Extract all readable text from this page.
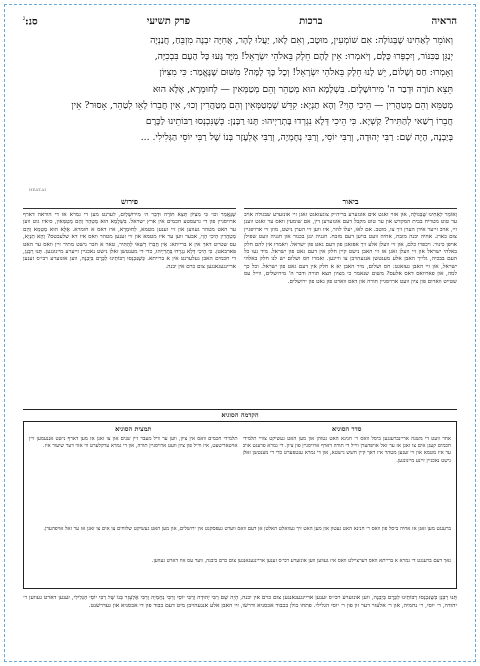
הראיה
ברכות
פרק תשיעי
סנ:$^ג$

וְאוֹמֵר לְאַחִינוּ שֶׁבְּגוֹלָה: אִם שׁוֹמְעִין, מוּטָב, וְאִם לָאו, יַעֲלוּ לָהָר, אֲחִיָּה יִבְנֶה מִזְבֵּחַ, חֲנַנְיָה

יְנַגֵּן בַּכִּנּוֹר, וְיִכְפְּרוּ כֻּלָּם, וְיֹאמְרוּ: אֵין לָהֶם חֵלֶק בֵּאלֹהֵי יִשְׂרָאֵל! מִיָּד גָּעוּ כָּל הָעָם בִּבְכִיָּה,

וְאָמְרוּ: חַס וְשָׁלוֹם, יֵשׁ לָנוּ חֵלֶק בֵּאלֹהֵי יִשְׂרָאֵל! וְכָל כָּךְ לָמָּה? מִשּׁוּם שֶׁנֶּאֱמַר: כִּי מִצִּיּוֹן

תֵּצֵא תוֹרָה וּדְבַר ה' מִירוּשָׁלָיִם. בִּשְׁלָמָא הוּא מְטַהֵר וְהֵם מְטַמְּאִין — לְחוּמְרָא, אֶלָּא הוּא

מְטַמֵּא וְהֵם מְטַהֲרִין — הֵיכִי הָוֵי? וְהָא תַנְיָא: קִדֵּשׁ שֶׁמְטַמְּאִין וְהֵם מְטַהֲרִין וְכוּ׳, אֵין חֲבֵרוֹ לָאֵו לְטַהֵר, אָסוּר? אֵין

חֲבֵרוֹ רְשַׁאי לְהַתִּיר? קַשְׁיָא. כִּי הֵיכִי דְּלָא נִגְרְדוּ בָּתְרַיְיהוּ: תָּנוּ רַבָּנַן: כְּשֶׁנִּכְנְסוּ רַבּוֹתֵינוּ לַכֶּרֶם

בְּיַבְנֶה, הָיָה שָׁם: רַבִּי יְהוּדָה, וְרַבִּי יוֹסֵי, וְרַבִּי נְחֶמְיָה, וְרַבִּי אֶלְעָזָר בְּנוֹ שֶׁל רַבִּי יוֹסֵי הַגְּלִילִי. ...

HEAT.AI
ביאור
וְאוֹמֵר לְאַחִינוּ שֶׁבְּגוֹלָה, אוּן אזוי זאגט אים אונזערע בריה״ק צוגעזאגט זאגן זיי אונזערע שבגולה אויב ער טוט מטריח בבית המקדש און ער טוט מקבל דעם אונזערען דין, אם שומעין וואס ער זאגט ווענן זיי, אויב זייער אידן הערן זיך צו, מוטב. אם לאו, יעלו להר, איז ווען זיי הערן נישט, מוזן זיי ארויפגיין צום בארג. אחיה יבנה מזבח, אחיה וועט בויען דעם מזבח. חנניה ינגן בכנור און חנניה וועט שפילן אויפן כינור. ויכפרו כלם, און זיי וועלן אלע זיך אפזאגן פון דעם גאט פון ישראל. ויאמרו אין להם חלק באלהי ישראל און זיי וועלן זאגן אז זיי האבן נישט קיין חלק אין דעם גאט פון ישראל. מיד געו כל העם בבכיה, גלייך האבן אלע מענטשן אנגעהויבן צו וויינען. ואמרו חס ושלום יש לנו חלק באלהי ישראל, און זיי האבן געזאגט: חס ושלום, מיר האבן יא א חלק אין דעם גאט פון ישראל. וכל כך למה, און פארוואס דאס אלעס? משום שנאמר כי מציון תצא תורה ודבר ה' מירושלים, ווייל עס שטייט ווארום פון ציון וועט ארויסגיין תורה און דאס ווארט פון גאט פון ירושלים.
פירוש
שֶׁנֶּאֱמַר וכו׳ כִּי מִצִּיּוֹן תֵּצֵא תּוֹרָה וּדְבַר ה׳ מִירוּשָׁלָיִם, לערנט מען די גמרא אז די הוראה דארף ארויסגיין פון די גרעסטע חכמים אין ארץ ישראל. בִּשְׁלָמָא הוּא מְטַהֵר וְהֵם מְטַמְּאִין, ס׳איז גוט ווען ער האט מטהר געווען און זיי זענען מטמא, לְחוּמְרָא, איז דאס א חומרא. אֶלָּא הוּא מְטַמֵּא וְהֵם מְטַהֲרִין הֵיכִי הָוֵי, אבער ווען ער איז מטמא און זיי זענען מטהר וואס איז דא שלעכטס? וְהָא תַנְיָא, עס שטייט דאך אין א ברייתא: אֵין חֲבֵרוֹ רְשַׁאי לְהַתִּיר, טאר א חבר נישט מתיר זיין וואס ער האט פארבאטן. כִּי הֵיכִי דְּלָא נִגְרְדוּ בָּתְרַיְיהוּ, כדי די מענטשן זאלן נישט נאכגיין זייערע מיינונגען. תָּנוּ רַבָּנַן, די חכמים האבן געלערנט אין א ברייתא. כְּשֶׁנִּכְנְסוּ רַבּוֹתֵינוּ לַכֶּרֶם בְּיַבְנֶה, ווען אונזערע רבי׳ס זענען אריינגעגאנגען צום כרם אין יבנה.
הקדמה הסוגיא
סדר הסוגיא
אחר וועט די משנה אריינברענגען ביסל וואס ר׳ חנינא האט גטוהן און מען האט געשיקט צוויי תלמידי חכמים קעגן אים צו זאגן אז ער זאל אויפהערן ווייל די תורה דארף ארויסגיין פון ציון. די גמרא פרעגט אויב ער איז מטמא און זיי זענען מטהר איז דאך קיין חשש נישטא, און די גמרא ענטפערט כדי די מענטשן זאלן נישט נאכגיין זיינע מיינונגען.
תמצית הסוגיא
תלמידי חכמים וואס אין ציון, ווען ער וויל מעבר זיין שנים און צו זאגן אז מען דארף נישט אננעמען זיין אויטאריטעט, איז ווייל פון ציון וועט ארויסגיין תורה, און די גמרא ערקלערט ווי אזוי דער שיעור איז.
ברענגט מען זאגן אז אחיה ביסל פון וואס ר׳ חנינא האט געטון און מען האט זיך געוואלט האלטן אן דעם וואס ווערט געפסקנט אין ירושלים, און מען האט געשיקט שלוחים צו אים צו זאגן אז ער זאל אויפהערן.
נאך דעם ברענגט די גמרא א ברייתא וואס דערציילט וואס איז געווען ווען אונזערע רבי׳ס זענען אריינגעגאנגען צום כרם ביבנה, ווער עס איז דארט געווען.
תָּנוּ רַבָּנַן כְּשֶׁנִּכְנְסוּ רַבּוֹתֵינוּ לַכֶּרֶם בְּיַבְנֶה, ווען אונזערע רבי׳ס זענען אריינגעגאנגען צום כרם אין יבנה, הָיָה שָׁם רַבִּי יְהוּדָה וְרַבִּי יוֹסֵי וְרַבִּי נְחֶמְיָה וְרַבִּי אֶלְעָזָר בְּנוֹ שֶׁל רַבִּי יוֹסֵי הַגְּלִילִי, זענען דארט געווען ר׳ יהודה, ר׳ יוסי, ר׳ נחמיה, און ר׳ אלעזר דער זון פון ר׳ יוסי הגלילי. פתחו כולן בכבוד אכסניא ודרשו, זיי האבן אלע אנגעהויבן מיט דעם כבוד פון די אכסניא און געדרשנט.
